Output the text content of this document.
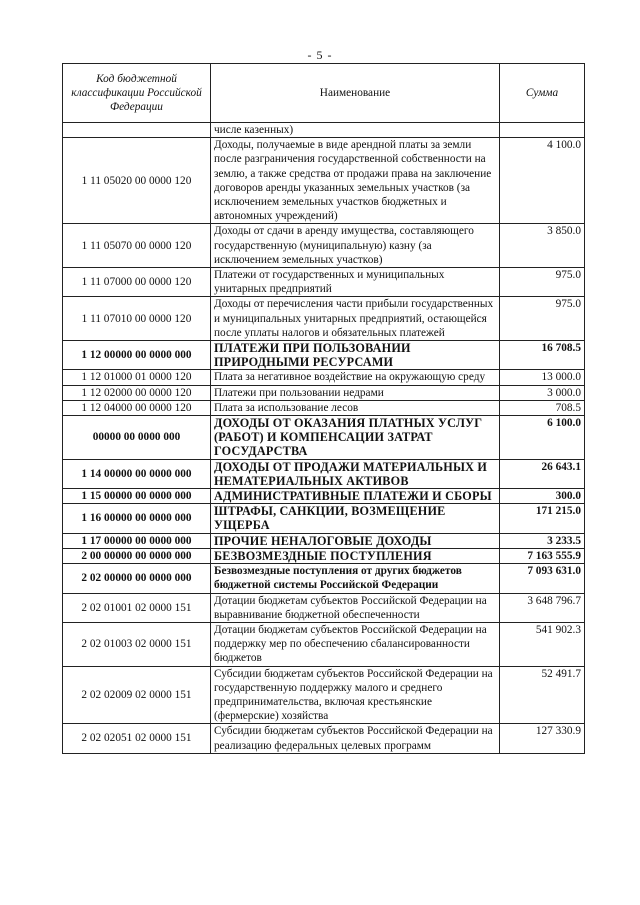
- 5 -
Код бюджетной классификации Российской Федерации	Наименование	Сумма
	числе казенных)	
1 11 05020 00 0000 120	Доходы, получаемые в виде арендной платы за земли после разграничения государственной собственности на землю, а также средства от продажи права на заключение договоров аренды указанных земельных участков (за исключением земельных участков бюджетных и автономных учреждений)	4 100.0
1 11 05070 00 0000 120	Доходы от сдачи в аренду имущества, составляющего государственную (муниципальную) казну (за исключением земельных участков)	3 850.0
1 11 07000 00 0000 120	Платежи от государственных и муниципальных унитарных предприятий	975.0
1 11 07010 00 0000 120	Доходы от перечисления части прибыли государственных и муниципальных унитарных предприятий, остающейся после уплаты налогов и обязательных платежей	975.0
1 12 00000 00 0000 000	ПЛАТЕЖИ ПРИ ПОЛЬЗОВАНИИ ПРИРОДНЫМИ РЕСУРСАМИ	16 708.5
1 12 01000 01 0000 120	Плата за негативное воздействие на окружающую среду	13 000.0
1 12 02000 00 0000 120	Платежи при пользовании недрами	3 000.0
1 12 04000 00 0000 120	Плата за использование лесов	708.5
00000 00 0000 000	ДОХОДЫ ОТ ОКАЗАНИЯ ПЛАТНЫХ УСЛУГ (РАБОТ) И КОМПЕНСАЦИИ ЗАТРАТ ГОСУДАРСТВА	6 100.0
1 14 00000 00 0000 000	ДОХОДЫ ОТ ПРОДАЖИ МАТЕРИАЛЬНЫХ И НЕМАТЕРИАЛЬНЫХ АКТИВОВ	26 643.1
1 15 00000 00 0000 000	АДМИНИСТРАТИВНЫЕ ПЛАТЕЖИ И СБОРЫ	300.0
1 16 00000 00 0000 000	ШТРАФЫ, САНКЦИИ, ВОЗМЕЩЕНИЕ УЩЕРБА	171 215.0
1 17 00000 00 0000 000	ПРОЧИЕ НЕНАЛОГОВЫЕ ДОХОДЫ	3 233.5
2 00 00000 00 0000 000	БЕЗВОЗМЕЗДНЫЕ ПОСТУПЛЕНИЯ	7 163 555.9
2 02 00000 00 0000 000	Безвозмездные поступления от других бюджетов бюджетной системы Российской Федерации	7 093 631.0
2 02 01001 02 0000 151	Дотации бюджетам субъектов Российской Федерации на выравнивание бюджетной обеспеченности	3 648 796.7
2 02 01003 02 0000 151	Дотации бюджетам субъектов Российской Федерации на поддержку мер по обеспечению сбалансированности бюджетов	541 902.3
2 02 02009 02 0000 151	Субсидии бюджетам субъектов Российской Федерации на государственную поддержку малого и среднего предпринимательства, включая крестьянские (фермерские) хозяйства	52 491.7
2 02 02051 02 0000 151	Субсидии бюджетам субъектов Российской Федерации на реализацию федеральных целевых программ	127 330.9
